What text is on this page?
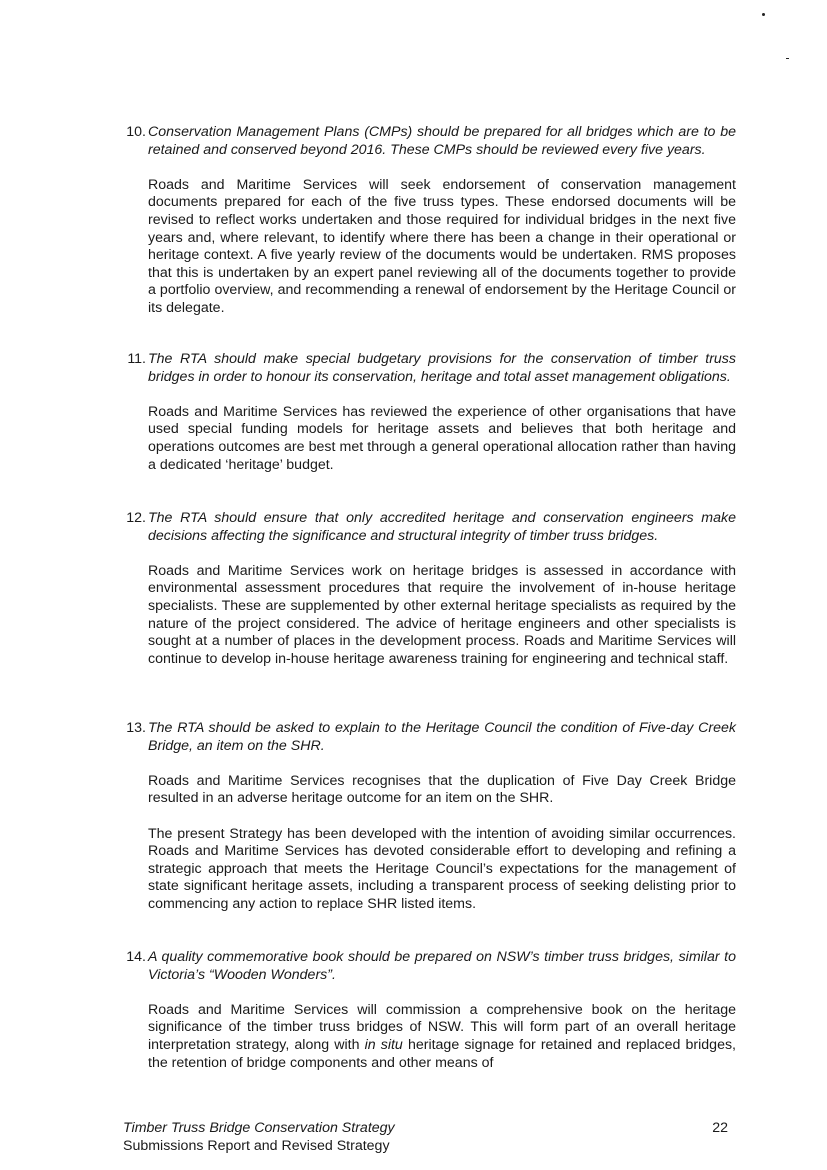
10. Conservation Management Plans (CMPs) should be prepared for all bridges which are to be retained and conserved beyond 2016. These CMPs should be reviewed every five years.

Roads and Maritime Services will seek endorsement of conservation management documents prepared for each of the five truss types. These endorsed documents will be revised to reflect works undertaken and those required for individual bridges in the next five years and, where relevant, to identify where there has been a change in their operational or heritage context. A five yearly review of the documents would be undertaken. RMS proposes that this is undertaken by an expert panel reviewing all of the documents together to provide a portfolio overview, and recommending a renewal of endorsement by the Heritage Council or its delegate.

11. The RTA should make special budgetary provisions for the conservation of timber truss bridges in order to honour its conservation, heritage and total asset management obligations.

Roads and Maritime Services has reviewed the experience of other organisations that have used special funding models for heritage assets and believes that both heritage and operations outcomes are best met through a general operational allocation rather than having a dedicated ‘heritage’ budget.

12. The RTA should ensure that only accredited heritage and conservation engineers make decisions affecting the significance and structural integrity of timber truss bridges.

Roads and Maritime Services work on heritage bridges is assessed in accordance with environmental assessment procedures that require the involvement of in-house heritage specialists. These are supplemented by other external heritage specialists as required by the nature of the project considered. The advice of heritage engineers and other specialists is sought at a number of places in the development process. Roads and Maritime Services will continue to develop in-house heritage awareness training for engineering and technical staff.

13. The RTA should be asked to explain to the Heritage Council the condition of Five-day Creek Bridge, an item on the SHR.

Roads and Maritime Services recognises that the duplication of Five Day Creek Bridge resulted in an adverse heritage outcome for an item on the SHR.

The present Strategy has been developed with the intention of avoiding similar occurrences. Roads and Maritime Services has devoted considerable effort to developing and refining a strategic approach that meets the Heritage Council’s expectations for the management of state significant heritage assets, including a transparent process of seeking delisting prior to commencing any action to replace SHR listed items.

14. A quality commemorative book should be prepared on NSW’s timber truss bridges, similar to Victoria’s “Wooden Wonders”.

Roads and Maritime Services will commission a comprehensive book on the heritage significance of the timber truss bridges of NSW. This will form part of an overall heritage interpretation strategy, along with in situ heritage signage for retained and replaced bridges, the retention of bridge components and other means of

Timber Truss Bridge Conservation Strategy
Submissions Report and Revised Strategy
22
